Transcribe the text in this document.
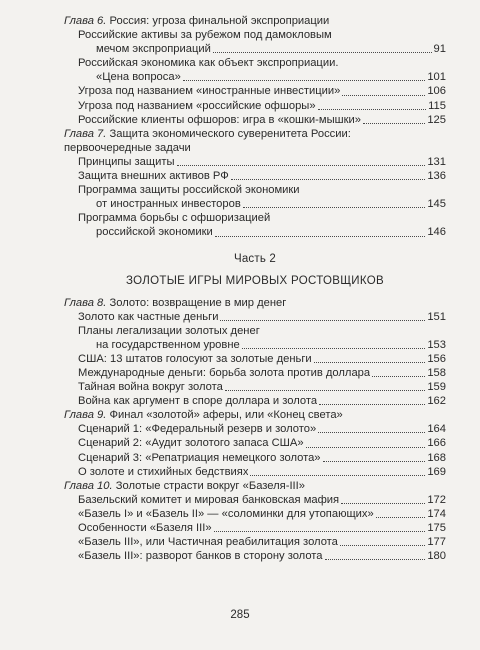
Глава 6. Россия: угроза финальной экспроприации
Российские активы за рубежом под дамокловым
мечом экспроприаций	91
Российская экономика как объект экспроприации.
«Цена вопроса»	101
Угроза под названием «иностранные инвестиции»	106
Угроза под названием «российские офшоры»	115
Российские клиенты офшоров: игра в «кошки-мышки»	125
Глава 7. Защита экономического суверенитета России:
первоочередные задачи
Принципы защиты	131
Защита внешних активов РФ	136
Программа защиты российской экономики
от иностранных инвесторов	145
Программа борьбы с офшоризацией
российской экономики	146
Часть 2
ЗОЛОТЫЕ ИГРЫ МИРОВЫХ РОСТОВЩИКОВ
Глава 8. Золото: возвращение в мир денег
Золото как частные деньги	151
Планы легализации золотых денег
на государственном уровне	153
США: 13 штатов голосуют за золотые деньги	156
Международные деньги: борьба золота против доллара	158
Тайная война вокруг золота	159
Война как аргумент в споре доллара и золота	162
Глава 9. Финал «золотой» аферы, или «Конец света»
Сценарий 1: «Федеральный резерв и золото»	164
Сценарий 2: «Аудит золотого запаса США»	166
Сценарий 3: «Репатриация немецкого золота»	168
О золоте и стихийных бедствиях	169
Глава 10. Золотые страсти вокруг «Базеля-III»
Базельский комитет и мировая банковская мафия	172
«Базель I» и «Базель II» — «соломинки для утопающих»	174
Особенности «Базеля III»	175
«Базель III», или Частичная реабилитация золота	177
«Базель III»: разворот банков в сторону золота	180
285
